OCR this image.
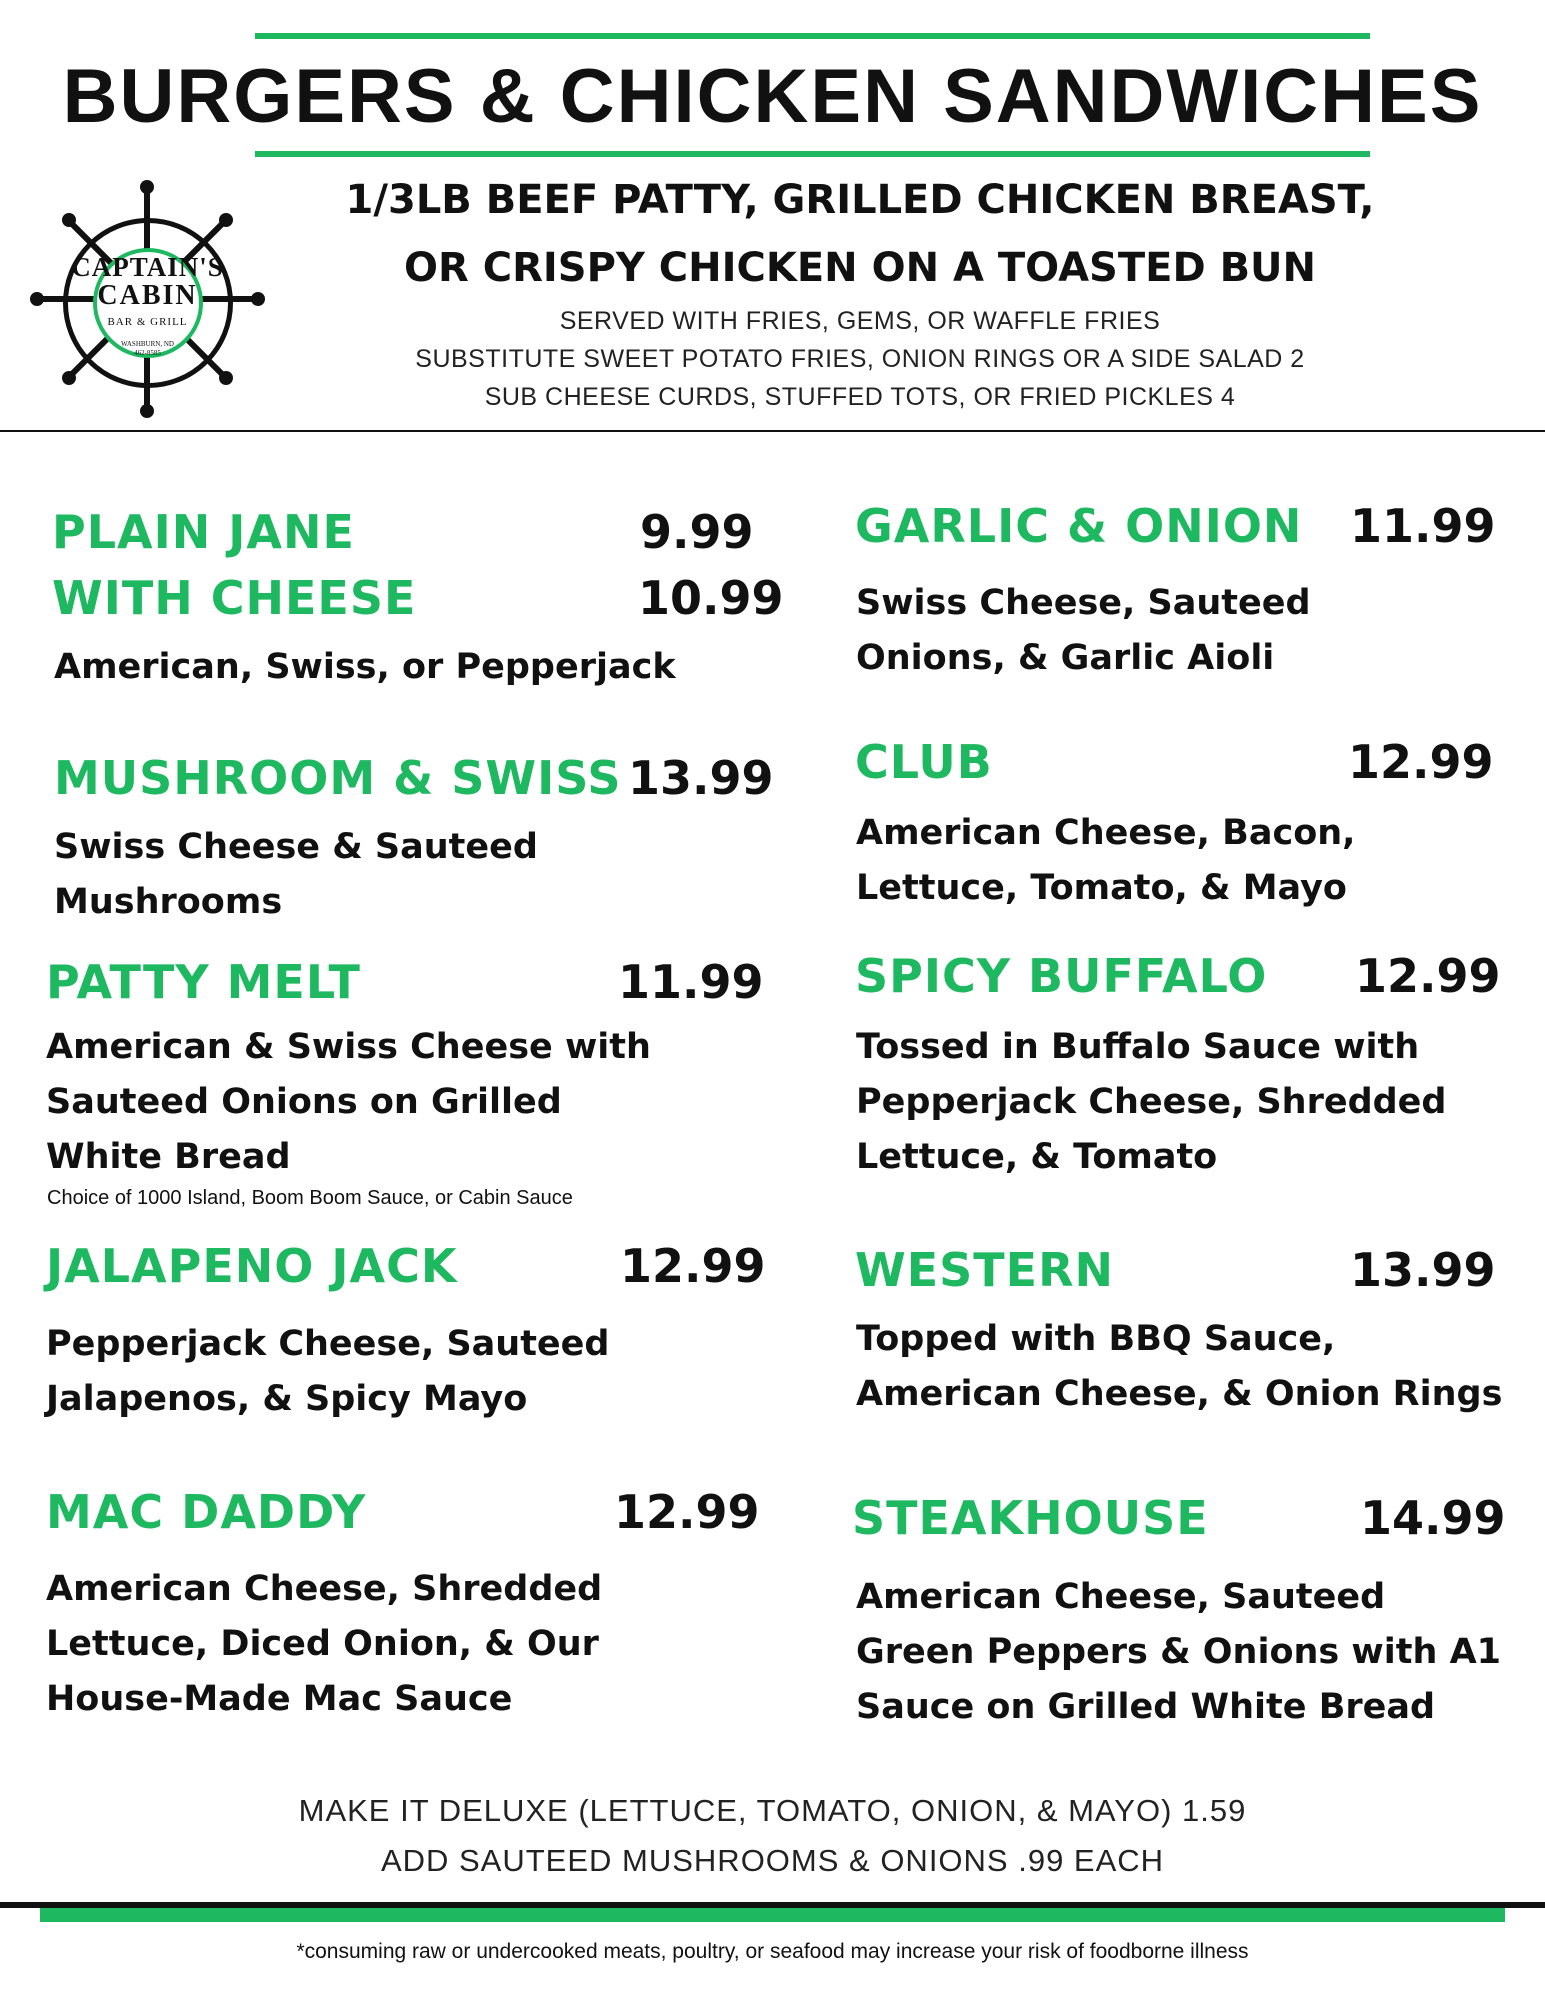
BURGERS & CHICKEN SANDWICHES
1/3LB BEEF PATTY, GRILLED CHICKEN BREAST,
OR CRISPY CHICKEN ON A TOASTED BUN
SERVED WITH FRIES, GEMS, OR WAFFLE FRIES
SUBSTITUTE SWEET POTATO FRIES, ONION RINGS OR A SIDE SALAD 2
SUB CHEESE CURDS, STUFFED TOTS, OR FRIED PICKLES 4
CAPTAIN'S
CABIN
BAR & GRILL
WASHBURN, ND
462-8585
PLAIN JANE	9.99
WITH CHEESE	10.99
American, Swiss, or Pepperjack
MUSHROOM & SWISS 13.99
Swiss Cheese & Sauteed
Mushrooms
PATTY MELT	11.99
American & Swiss Cheese with
Sauteed Onions on Grilled
White Bread
Choice of 1000 Island, Boom Boom Sauce, or Cabin Sauce
JALAPENO JACK	12.99
Pepperjack Cheese, Sauteed
Jalapenos, & Spicy Mayo
MAC DADDY	12.99
American Cheese, Shredded
Lettuce, Diced Onion, & Our
House-Made Mac Sauce
GARLIC & ONION 11.99
Swiss Cheese, Sauteed
Onions, & Garlic Aioli
CLUB	12.99
American Cheese, Bacon,
Lettuce, Tomato, & Mayo
SPICY BUFFALO 12.99
Tossed in Buffalo Sauce with
Pepperjack Cheese, Shredded
Lettuce, & Tomato
WESTERN	13.99
Topped with BBQ Sauce,
American Cheese, & Onion Rings
STEAKHOUSE	14.99
American Cheese, Sauteed
Green Peppers & Onions with A1
Sauce on Grilled White Bread
MAKE IT DELUXE (LETTUCE, TOMATO, ONION, & MAYO) 1.59
ADD SAUTEED MUSHROOMS & ONIONS .99 EACH
*consuming raw or undercooked meats, poultry, or seafood may increase your risk of foodborne illness
